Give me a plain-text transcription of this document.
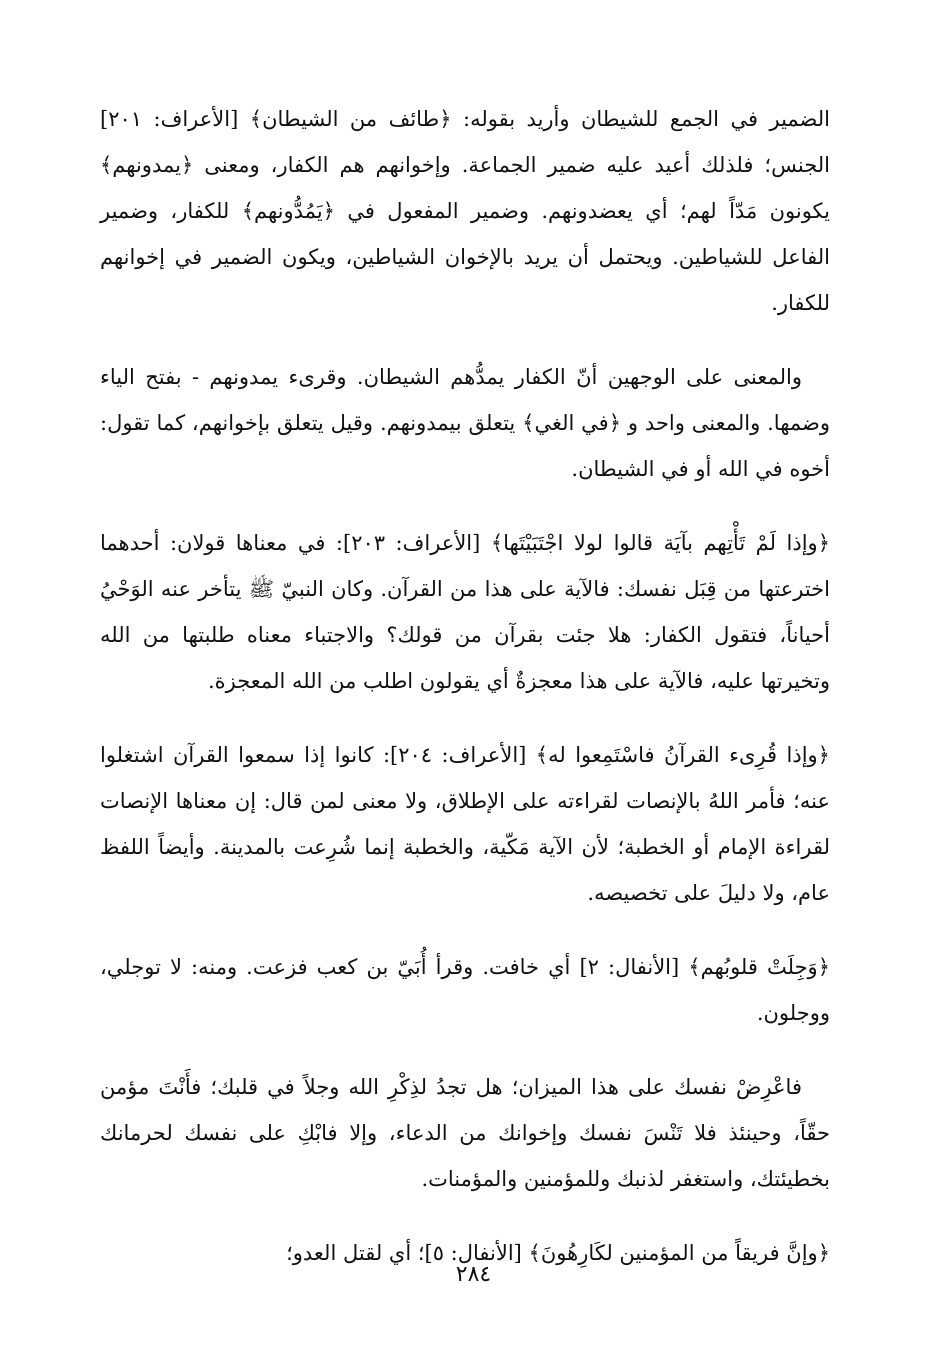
الضمير في الجمع للشيطان وأريد بقوله: ﴿طائف من الشيطان﴾ [الأعراف: ٢٠١] الجنس؛ فلذلك أعيد عليه ضمير الجماعة. وإخوانهم هم الكفار، ومعنى ﴿يمدونهم﴾ يكونون مَدّاً لهم؛ أي يعضدونهم. وضمير المفعول في ﴿يَمُدُّونهم﴾ للكفار، وضمير الفاعل للشياطين. ويحتمل أن يريد بالإخوان الشياطين، ويكون الضمير في إخوانهم للكفار.

والمعنى على الوجهين أنّ الكفار يمدُّهم الشيطان. وقرىء يمدونهم - بفتح الياء وضمها. والمعنى واحد و ﴿في الغي﴾ يتعلق بيمدونهم. وقيل يتعلق بإخوانهم، كما تقول: أخوه في الله أو في الشيطان.

﴿وإذا لَمْ تَأْتِهم بآيَة قالوا لولا اجْتَبَيْتَها﴾ [الأعراف: ٢٠٣]: في معناها قولان: أحدهما اخترعتها من قِبَل نفسك: فالآية على هذا من القرآن. وكان النبيّ ﷺ يتأخر عنه الوَحْيُ أحياناً، فتقول الكفار: هلا جئت بقرآن من قولك؟ والاجتباء معناه طلبتها من الله وتخيرتها عليه، فالآية على هذا معجزةٌ أي يقولون اطلب من الله المعجزة.

﴿وإذا قُرِىء القرآنُ فاسْتَمِعوا له﴾ [الأعراف: ٢٠٤]: كانوا إذا سمعوا القرآن اشتغلوا عنه؛ فأمر اللهُ بالإنصات لقراءته على الإطلاق، ولا معنى لمن قال: إن معناها الإنصات لقراءة الإمام أو الخطبة؛ لأن الآية مَكّية، والخطبة إنما شُرِعت بالمدينة. وأيضاً اللفظ عام، ولا دليلَ على تخصيصه.

﴿وَجِلَتْ قلوبُهم﴾ [الأنفال: ٢] أي خافت. وقرأ أُبَيّ بن كعب فزعت. ومنه: لا توجلي، ووجلون.

فاعْرِضْ نفسك على هذا الميزان؛ هل تجدُ لذِكْرِ الله وجلاً في قلبك؛ فأَنْتَ مؤمن حقّاً، وحينئذ فلا تَنْسَ نفسك وإخوانك من الدعاء، وإلا فابْكِ على نفسك لحرمانك بخطيئتك، واستغفر لذنبك وللمؤمنين والمؤمنات.

﴿وإنَّ فريقاً من المؤمنين لكَارِهُونَ﴾ [الأنفال: ٥]؛ أي لقتل العدو؛

٢٨٤
